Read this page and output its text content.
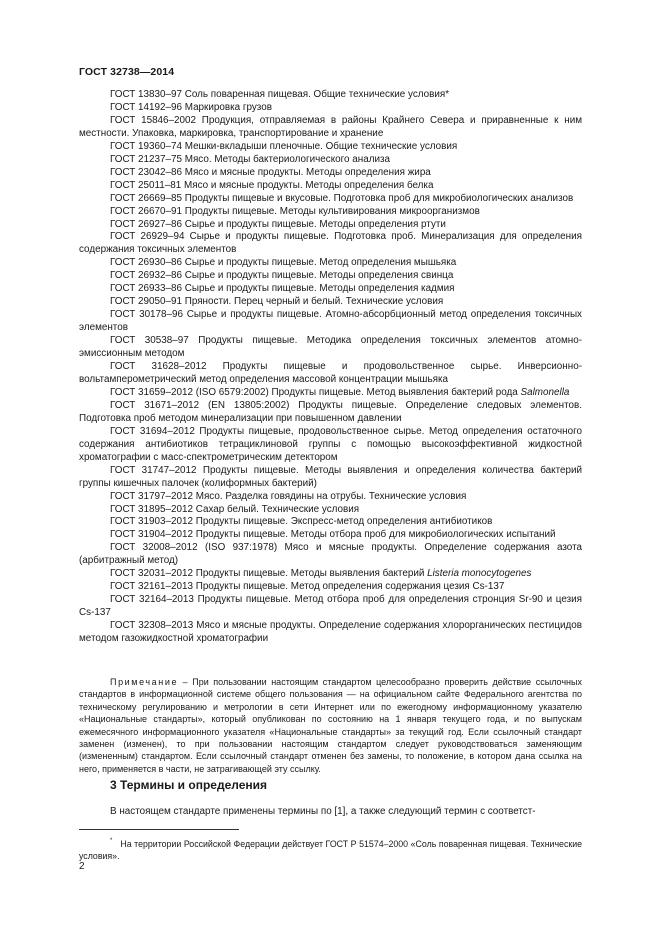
ГОСТ 32738—2014
ГОСТ 13830–97 Соль поваренная пищевая. Общие технические условия*
ГОСТ 14192–96 Маркировка грузов
ГОСТ 15846–2002 Продукция, отправляемая в районы Крайнего Севера и приравненные к ним местности. Упаковка, маркировка, транспортирование и хранение
ГОСТ 19360–74 Мешки-вкладыши пленочные. Общие технические условия
ГОСТ 21237–75 Мясо. Методы бактериологического анализа
ГОСТ 23042–86 Мясо и мясные продукты. Методы определения жира
ГОСТ 25011–81 Мясо и мясные продукты. Методы определения белка
ГОСТ 26669–85 Продукты пищевые и вкусовые. Подготовка проб для микробиологических анализов
ГОСТ 26670–91 Продукты пищевые. Методы культивирования микроорганизмов
ГОСТ 26927–86 Сырье и продукты пищевые. Методы определения ртути
ГОСТ 26929–94 Сырье и продукты пищевые. Подготовка проб. Минерализация для определения содержания токсичных элементов
ГОСТ 26930–86 Сырье и продукты пищевые. Метод определения мышьяка
ГОСТ 26932–86 Сырье и продукты пищевые. Методы определения свинца
ГОСТ 26933–86 Сырье и продукты пищевые. Методы определения кадмия
ГОСТ 29050–91 Пряности. Перец черный и белый. Технические условия
ГОСТ 30178–96 Сырье и продукты пищевые. Атомно-абсорбционный метод определения токсичных элементов
ГОСТ 30538–97 Продукты пищевые. Методика определения токсичных элементов атомно-эмиссионным методом
ГОСТ 31628–2012 Продукты пищевые и продовольственное сырье. Инверсионно-вольтамперометрический метод определения массовой концентрации мышьяка
ГОСТ 31659–2012 (ISO 6579:2002) Продукты пищевые. Метод выявления бактерий рода Salmonella
ГОСТ 31671–2012 (EN 13805:2002) Продукты пищевые. Определение следовых элементов. Подготовка проб методом минерализации при повышенном давлении
ГОСТ 31694–2012 Продукты пищевые, продовольственное сырье. Метод определения остаточного содержания антибиотиков тетрациклиновой группы с помощью высокоэффективной жидкостной хроматографии с масс-спектрометрическим детектором
ГОСТ 31747–2012 Продукты пищевые. Методы выявления и определения количества бактерий группы кишечных палочек (колиформных бактерий)
ГОСТ 31797–2012 Мясо. Разделка говядины на отрубы. Технические условия
ГОСТ 31895–2012 Сахар белый. Технические условия
ГОСТ 31903–2012 Продукты пищевые. Экспресс-метод определения антибиотиков
ГОСТ 31904–2012 Продукты пищевые. Методы отбора проб для микробиологических испытаний
ГОСТ 32008–2012 (ISO 937:1978) Мясо и мясные продукты. Определение содержания азота (арбитражный метод)
ГОСТ 32031–2012 Продукты пищевые. Методы выявления бактерий Listeria monocytogenes
ГОСТ 32161–2013 Продукты пищевые. Метод определения содержания цезия Cs-137
ГОСТ 32164–2013 Продукты пищевые. Метод отбора проб для определения стронция Sr-90 и цезия Cs-137
ГОСТ 32308–2013 Мясо и мясные продукты. Определение содержания хлорорганических пестицидов методом газожидкостной хроматографии
Примечание – При пользовании настоящим стандартом целесообразно проверить действие ссылочных стандартов в информационной системе общего пользования — на официальном сайте Федерального агентства по техническому регулированию и метрологии в сети Интернет или по ежегодному информационному указателю «Национальные стандарты», который опубликован по состоянию на 1 января текущего года, и по выпускам ежемесячного информационного указателя «Национальные стандарты» за текущий год. Если ссылочный стандарт заменен (изменен), то при пользовании настоящим стандартом следует руководствоваться заменяющим (измененным) стандартом. Если ссылочный стандарт отменен без замены, то положение, в котором дана ссылка на него, применяется в части, не затрагивающей эту ссылку.
3 Термины и определения
В настоящем стандарте применены термины по [1], а также следующий термин с соответст-
* На территории Российской Федерации действует ГОСТ Р 51574–2000 «Соль поваренная пищевая. Технические условия».
2
